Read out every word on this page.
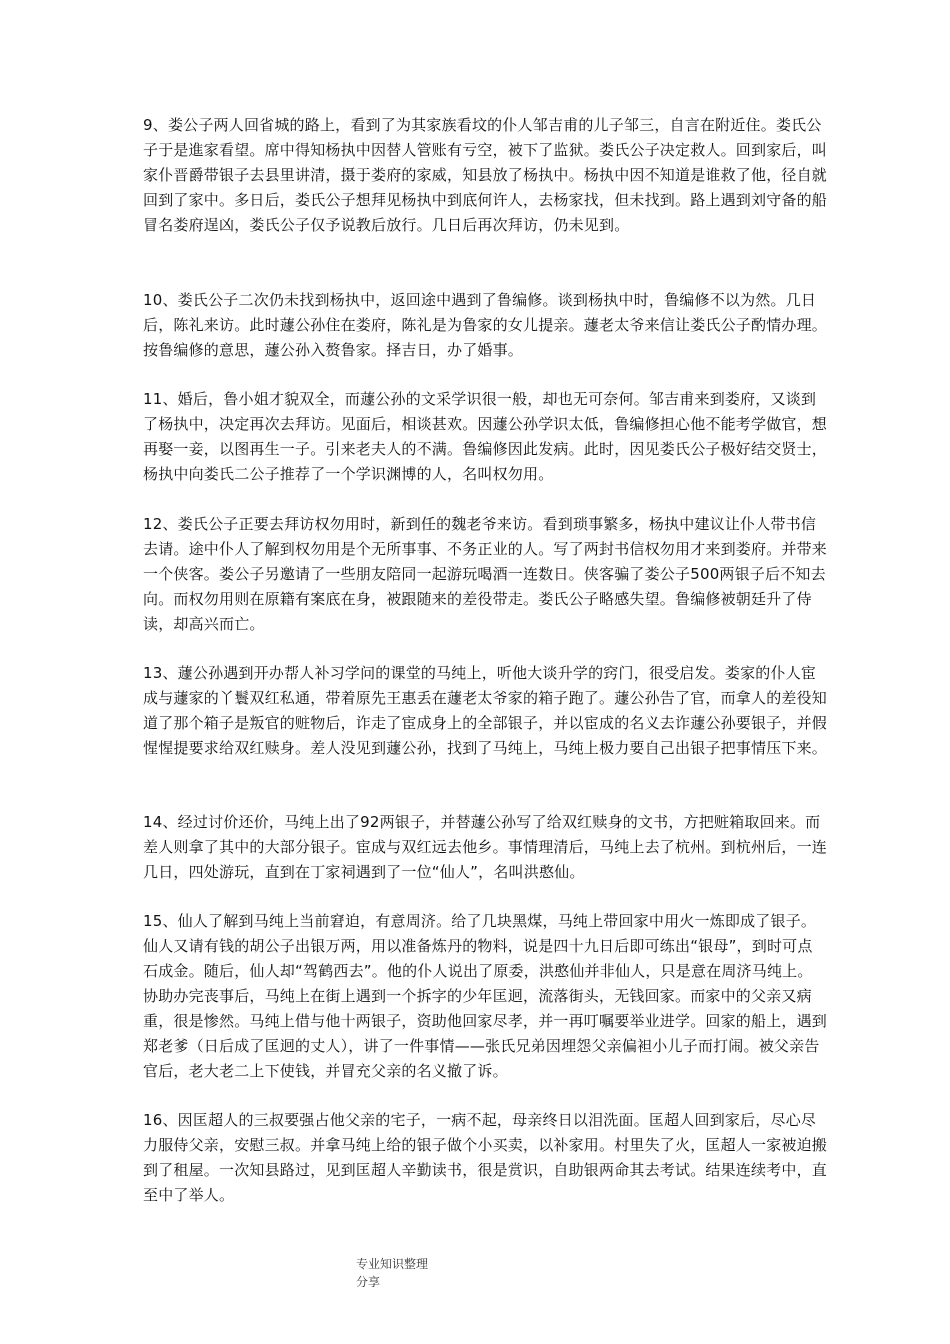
9、娄公子两人回省城的路上，看到了为其家族看坟的仆人邹吉甫的儿子邹三，自言在附近住。娄氏公子于是進家看望。席中得知杨执中因替人管账有亏空，被下了监狱。娄氏公子决定救人。回到家后，叫家仆晋爵带银子去县里讲清，摄于娄府的家威，知县放了杨执中。杨执中因不知道是谁救了他，径自就回到了家中。多日后，娄氏公子想拜见杨执中到底何许人，去杨家找，但未找到。路上遇到刘守备的船冒名娄府逞凶，娄氏公子仅予说教后放行。几日后再次拜访，仍未见到。

10、娄氏公子二次仍未找到杨执中，返回途中遇到了鲁编修。谈到杨执中时，鲁编修不以为然。几日后，陈礼来访。此时蘧公孙住在娄府，陈礼是为鲁家的女儿提亲。蘧老太爷来信让娄氏公子酌情办理。按鲁编修的意思，蘧公孙入赘鲁家。择吉日，办了婚事。

11、婚后，鲁小姐才貌双全，而蘧公孙的文采学识很一般，却也无可奈何。邹吉甫来到娄府，又谈到了杨执中，决定再次去拜访。见面后，相谈甚欢。因蘧公孙学识太低，鲁编修担心他不能考学做官，想再娶一妾，以图再生一子。引来老夫人的不满。鲁编修因此发病。此时，因见娄氏公子极好结交贤士，杨执中向娄氏二公子推荐了一个学识渊博的人，名叫权勿用。

12、娄氏公子正要去拜访权勿用时，新到任的魏老爷来访。看到琐事繁多，杨执中建议让仆人带书信去请。途中仆人了解到权勿用是个无所事事、不务正业的人。写了两封书信权勿用才来到娄府。并带来一个侠客。娄公子另邀请了一些朋友陪同一起游玩喝酒一连数日。侠客骗了娄公子500两银子后不知去向。而权勿用则在原籍有案底在身，被跟随来的差役带走。娄氏公子略感失望。鲁编修被朝廷升了侍读，却高兴而亡。

13、蘧公孙遇到开办帮人补习学问的课堂的马纯上，听他大谈升学的窍门，很受启发。娄家的仆人宦成与蘧家的丫鬟双红私通，带着原先王惠丢在蘧老太爷家的箱子跑了。蘧公孙告了官，而拿人的差役知道了那个箱子是叛官的赃物后，诈走了宦成身上的全部银子，并以宦成的名义去诈蘧公孙要银子，并假惺惺提要求给双红赎身。差人没见到蘧公孙，找到了马纯上，马纯上极力要自己出银子把事情压下来。

14、经过讨价还价，马纯上出了92两银子，并替蘧公孙写了给双红赎身的文书，方把赃箱取回来。而差人则拿了其中的大部分银子。宦成与双红远去他乡。事情理清后，马纯上去了杭州。到杭州后，一连几日，四处游玩，直到在丁家祠遇到了一位“仙人”，名叫洪憨仙。

15、仙人了解到马纯上当前窘迫，有意周济。给了几块黑煤，马纯上带回家中用火一炼即成了银子。仙人又请有钱的胡公子出银万两，用以准备炼丹的物料，说是四十九日后即可练出“银母”，到时可点石成金。随后，仙人却“驾鹤西去”。他的仆人说出了原委，洪憨仙并非仙人，只是意在周济马纯上。协助办完丧事后，马纯上在街上遇到一个拆字的少年匡迥，流落街头，无钱回家。而家中的父亲又病重，很是惨然。马纯上借与他十两银子，资助他回家尽孝，并一再叮嘱要举业进学。回家的船上，遇到郑老爹（日后成了匡迥的丈人），讲了一件事情——张氏兄弟因埋怨父亲偏袒小儿子而打闹。被父亲告官后，老大老二上下使钱，并冒充父亲的名义撤了诉。

16、因匡超人的三叔要强占他父亲的宅子，一病不起，母亲终日以泪洗面。匡超人回到家后，尽心尽力服侍父亲，安慰三叔。并拿马纯上给的银子做个小买卖，以补家用。村里失了火，匡超人一家被迫搬到了租屋。一次知县路过，见到匡超人辛勤读书，很是赏识，自助银两命其去考试。结果连续考中，直至中了举人。

专业知识整理分享
